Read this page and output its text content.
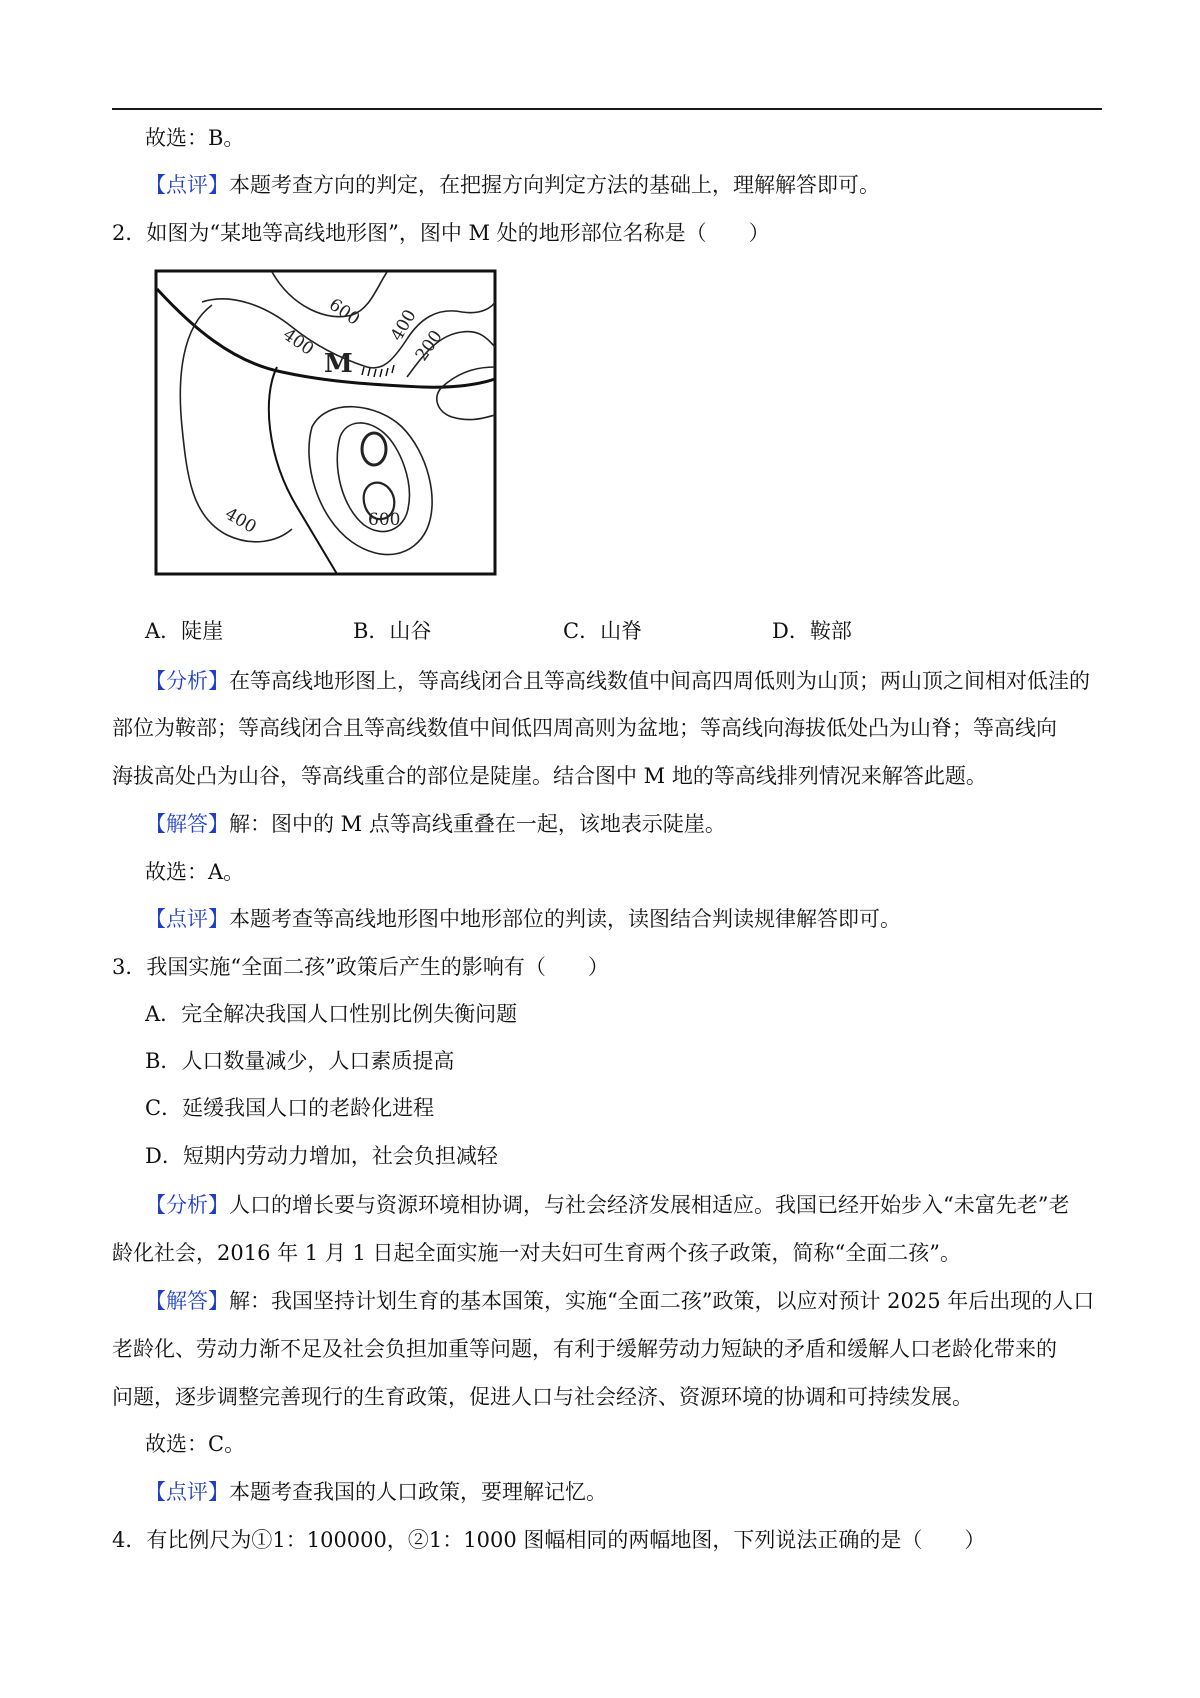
故选：B。
【点评】本题考查方向的判定，在把握方向判定方法的基础上，理解解答即可。
2．如图为“某地等高线地形图”，图中 M 处的地形部位名称是（　　）
M
600
400	400
200
400	600
A．陡崖	B．山谷	C．山脊	D．鞍部
【分析】在等高线地形图上，等高线闭合且等高线数值中间高四周低则为山顶；两山顶之间相对低洼的
部位为鞍部；等高线闭合且等高线数值中间低四周高则为盆地；等高线向海拔低处凸为山脊；等高线向
海拔高处凸为山谷，等高线重合的部位是陡崖。结合图中 M 地的等高线排列情况来解答此题。
【解答】解：图中的 M 点等高线重叠在一起，该地表示陡崖。
故选：A。
【点评】本题考查等高线地形图中地形部位的判读，读图结合判读规律解答即可。
3．我国实施“全面二孩”政策后产生的影响有（　　）
A．完全解决我国人口性别比例失衡问题
B．人口数量减少，人口素质提高
C．延缓我国人口的老龄化进程
D．短期内劳动力增加，社会负担减轻
【分析】人口的增长要与资源环境相协调，与社会经济发展相适应。我国已经开始步入“未富先老”老
龄化社会，2016 年 1 月 1 日起全面实施一对夫妇可生育两个孩子政策，简称“全面二孩”。
【解答】解：我国坚持计划生育的基本国策，实施“全面二孩”政策，以应对预计 2025 年后出现的人口
老龄化、劳动力渐不足及社会负担加重等问题，有利于缓解劳动力短缺的矛盾和缓解人口老龄化带来的
问题，逐步调整完善现行的生育政策，促进人口与社会经济、资源环境的协调和可持续发展。
故选：C。
【点评】本题考查我国的人口政策，要理解记忆。
4．有比例尺为①1：100000，②1：1000 图幅相同的两幅地图，下列说法正确的是（　　）
